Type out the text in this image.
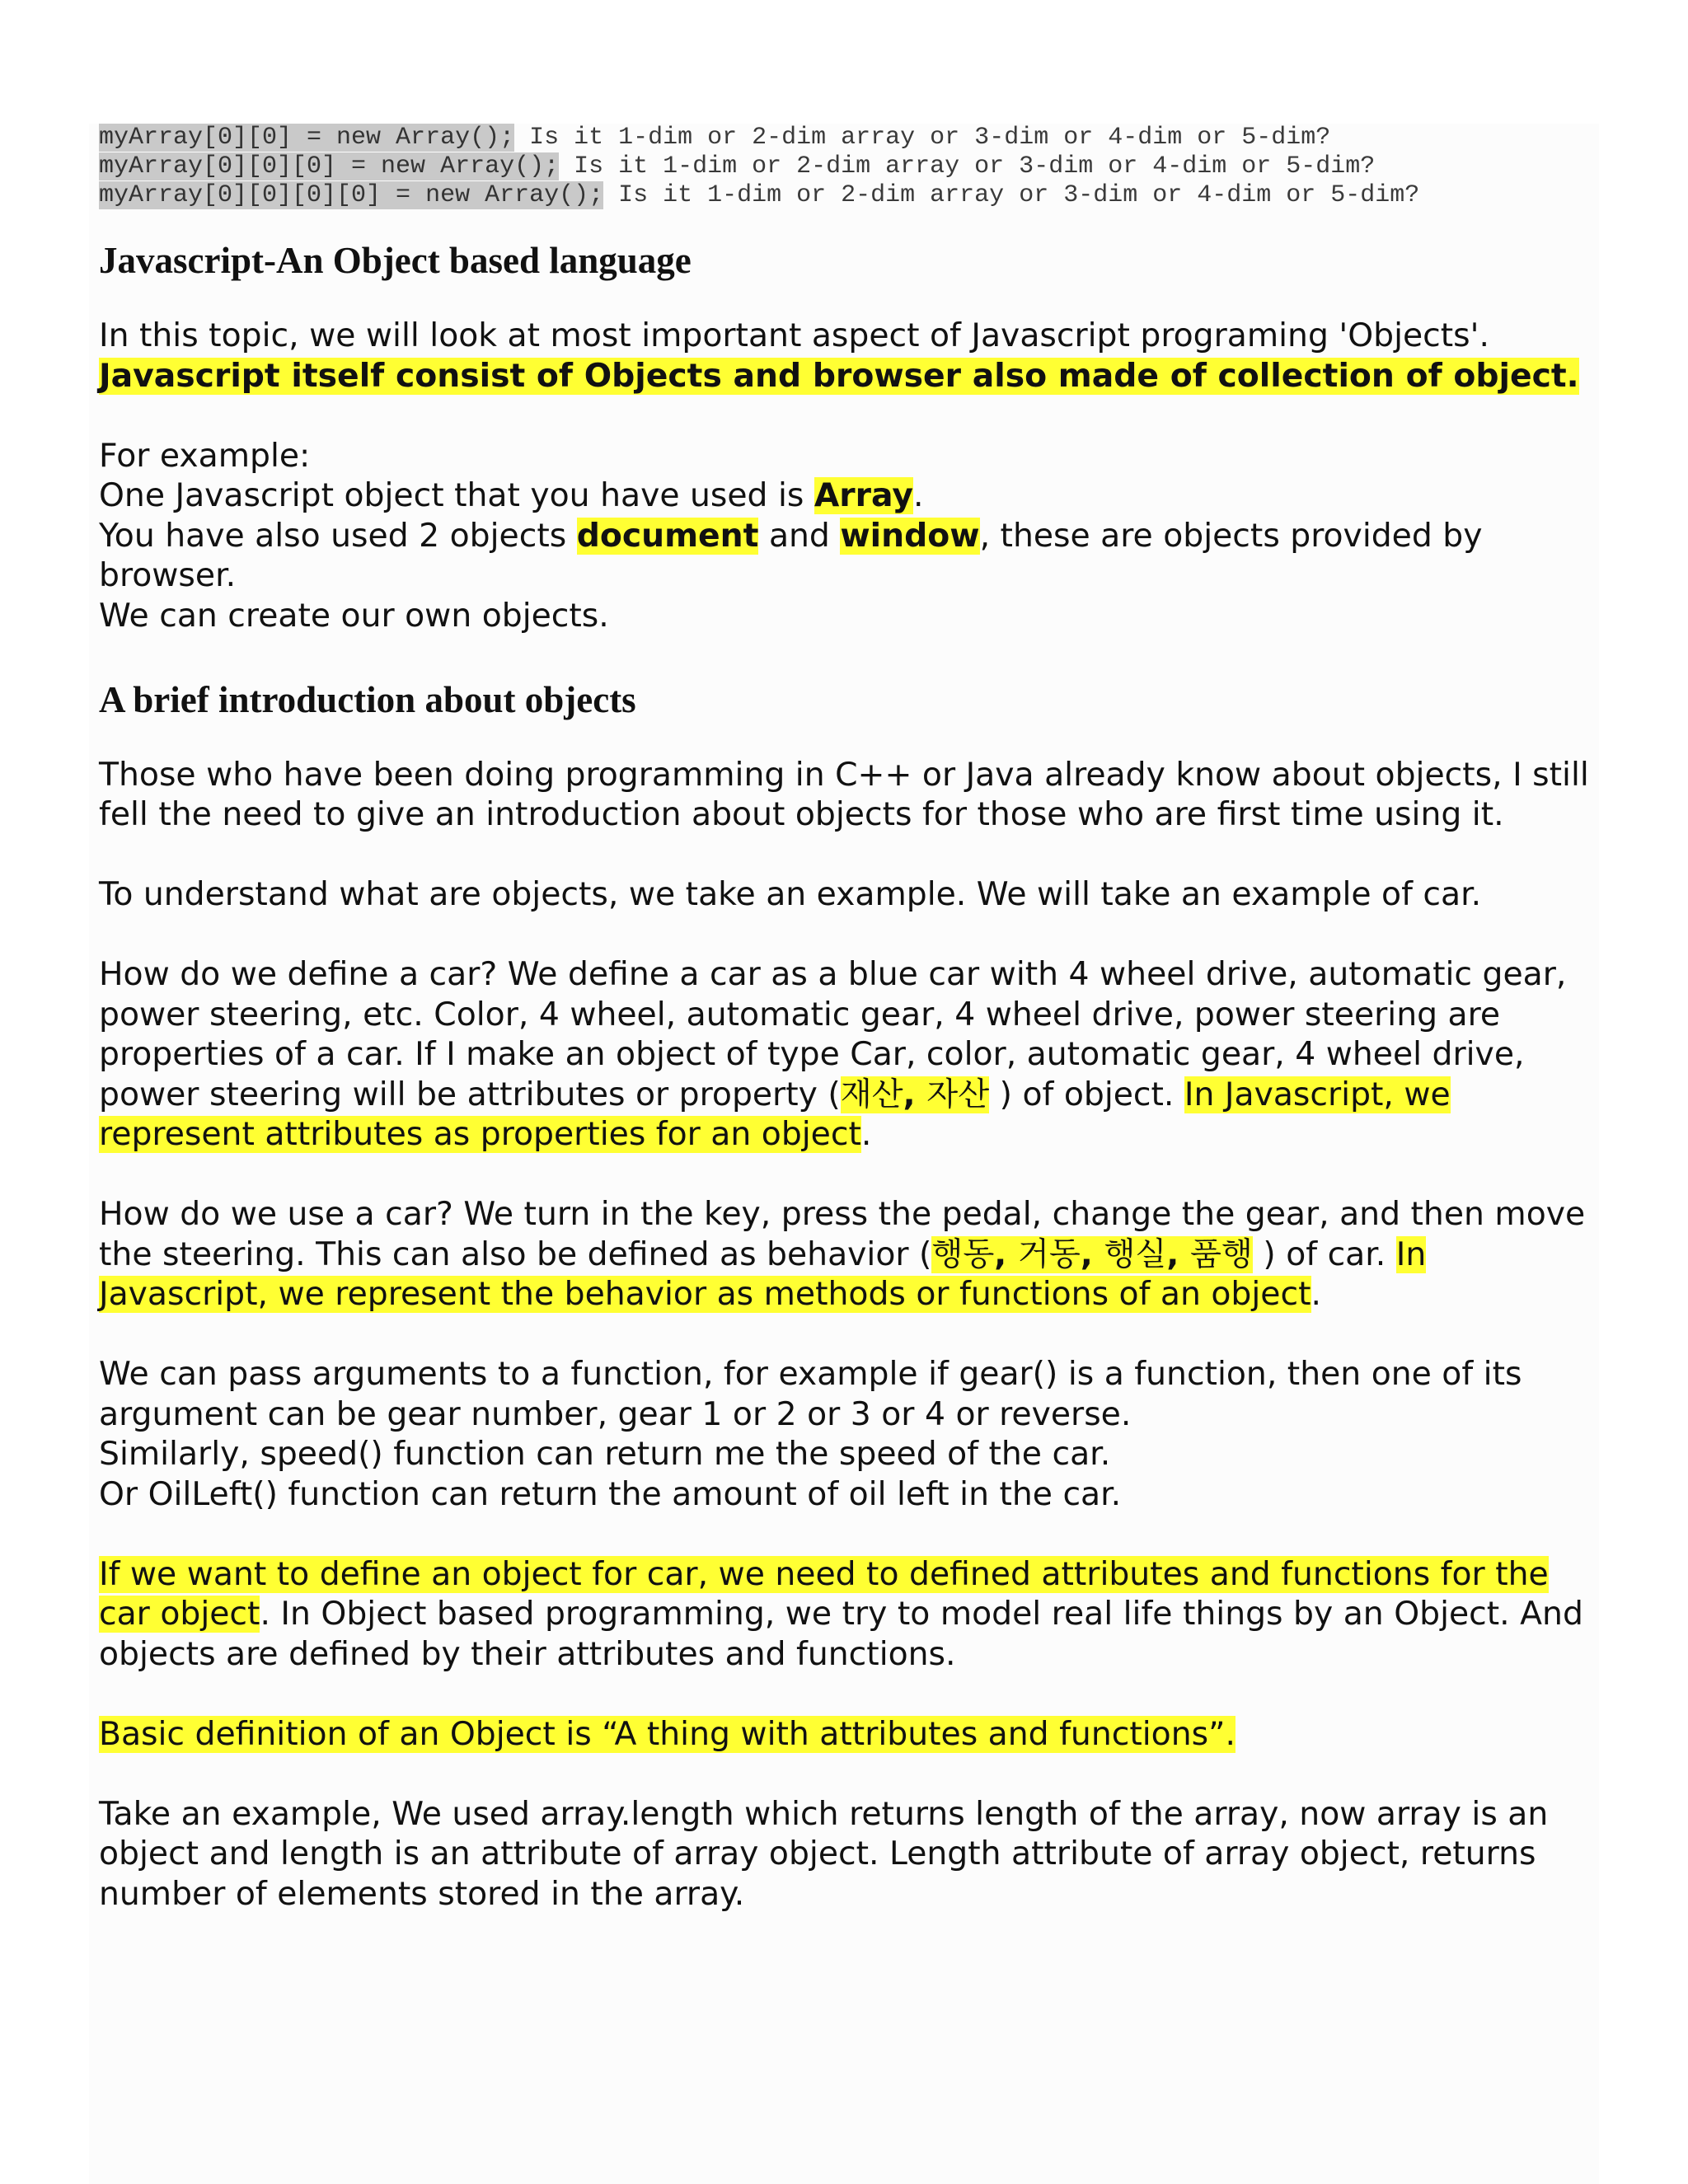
myArray[0][0] = new Array(); Is it 1-dim or 2-dim array or 3-dim or 4-dim or 5-dim?
myArray[0][0][0] = new Array(); Is it 1-dim or 2-dim array or 3-dim or 4-dim or 5-dim?
myArray[0][0][0][0] = new Array(); Is it 1-dim or 2-dim array or 3-dim or 4-dim or 5-dim?
Javascript-An Object based language

In this topic, we will look at most important aspect of Javascript programing 'Objects'.
Javascript itself consist of Objects and browser also made of collection of object.

For example:
One Javascript object that you have used is Array.
You have also used 2 objects document and window, these are objects provided by browser.
We can create our own objects.

A brief introduction about objects

Those who have been doing programming in C++ or Java already know about objects, I still fell the need to give an introduction about objects for those who are first time using it.

To understand what are objects, we take an example. We will take an example of car.

How do we define a car? We define a car as a blue car with 4 wheel drive, automatic gear, power steering, etc. Color, 4 wheel, automatic gear, 4 wheel drive, power steering are properties of a car. If I make an object of type Car, color, automatic gear, 4 wheel drive, power steering will be attributes or property (재산, 자산 ) of object. In Javascript, we represent attributes as properties for an object.

How do we use a car? We turn in the key, press the pedal, change the gear, and then move the steering. This can also be defined as behavior (행동, 거동, 행실, 품행 ) of car. In Javascript, we represent the behavior as methods or functions of an object.

We can pass arguments to a function, for example if gear() is a function, then one of its argument can be gear number, gear 1 or 2 or 3 or 4 or reverse.
Similarly, speed() function can return me the speed of the car.
Or OilLeft() function can return the amount of oil left in the car.

If we want to define an object for car, we need to defined attributes and functions for the car object. In Object based programming, we try to model real life things by an Object. And objects are defined by their attributes and functions.

Basic definition of an Object is “A thing with attributes and functions”.

Take an example, We used array.length which returns length of the array, now array is an object and length is an attribute of array object. Length attribute of array object, returns number of elements stored in the array.
